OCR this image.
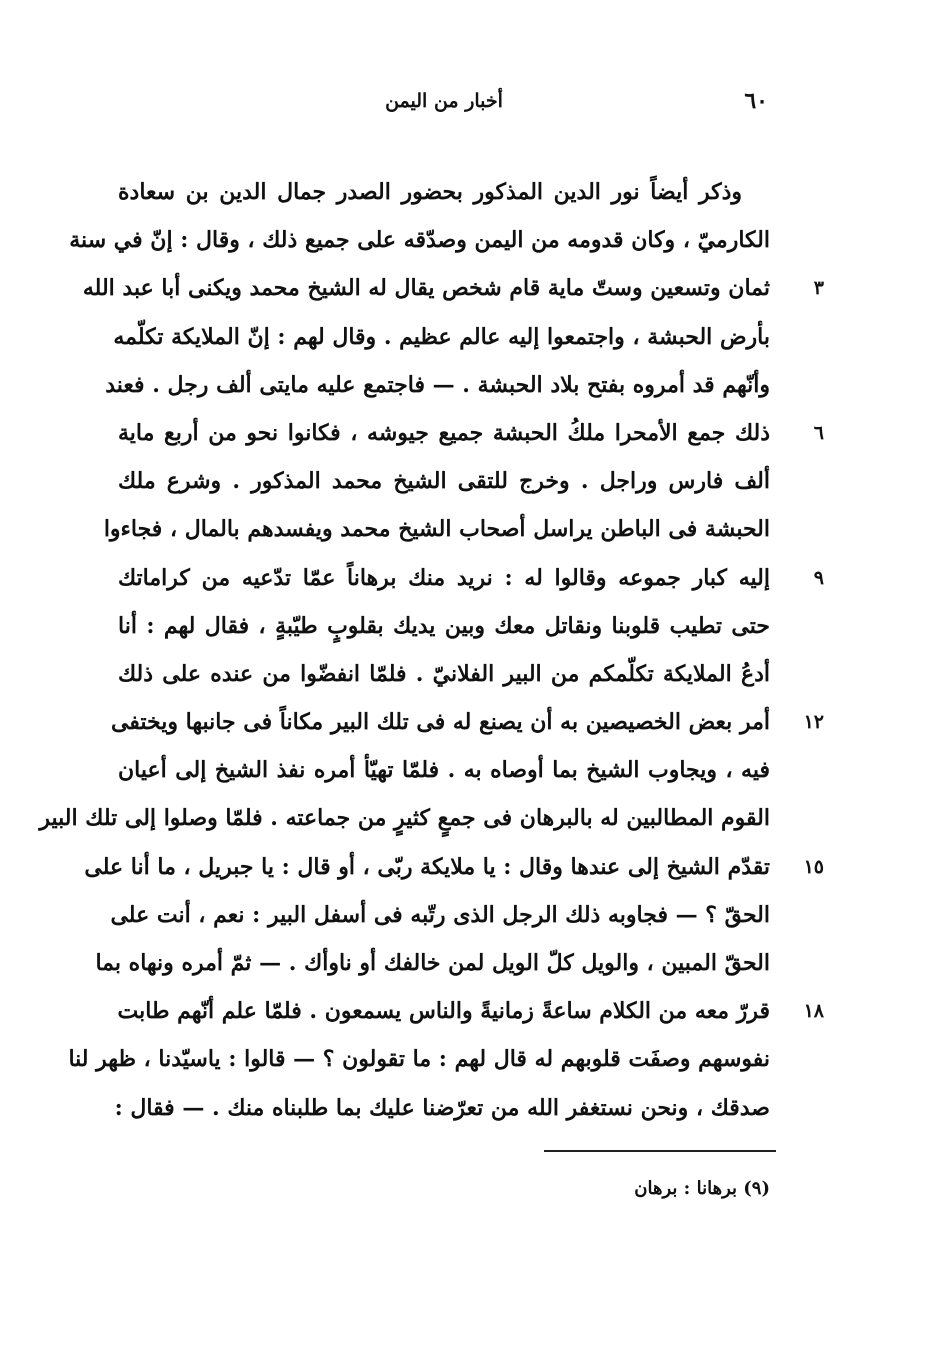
٦٠
أخبار من اليمن
وذكر أيضاً نور الدين المذكور بحضور الصدر جمال الدين بن سعادة
الكارميّ ، وكان قدومه من اليمن وصدّقه على جميع ذلك ، وقال : إنّ في سنة
ثمان وتسعين وستّ ماية قام شخص يقال له الشيخ محمد ويكنى أبا عبد الله	٣
بأرض الحبشة ، واجتمعوا إليه عالم عظيم . وقال لهم : إنّ الملايكة تكلّمه
وأنّهم قد أمروه بفتح بلاد الحبشة . — فاجتمع عليه مايتى ألف رجل . فعند
ذلك جمع الأمحرا ملكُ الحبشة جميع جيوشه ، فكانوا نحو من أربع ماية	٦
ألف فارس وراجل . وخرج للتقى الشيخ محمد المذكور . وشرع ملك
الحبشة فى الباطن يراسل أصحاب الشيخ محمد ويفسدهم بالمال ، فجاءوا
إليه كبار جموعه وقالوا له : نريد منك برهاناً عمّا تدّعيه من كراماتك	٩
حتى تطيب قلوبنا ونقاتل معك وبين يديك بقلوبٍ طيّبةٍ ، فقال لهم : أنا
أدعُ الملايكة تكلّمكم من البير الفلانيّ . فلمّا انفضّوا من عنده على ذلك
أمر بعض الخصيصين به أن يصنع له فى تلك البير مكاناً فى جانبها ويختفى	١٢
فيه ، ويجاوب الشيخ بما أوصاه به . فلمّا تهيّأ أمره نفذ الشيخ إلى أعيان
القوم المطالبين له بالبرهان فى جمعٍ كثيرٍ من جماعته . فلمّا وصلوا إلى تلك البير
تقدّم الشيخ إلى عندها وقال : يا ملايكة ربّى ، أو قال : يا جبريل ، ما أنا على	١٥
الحقّ ؟ — فجاوبه ذلك الرجل الذى رتّبه فى أسفل البير : نعم ، أنت على
الحقّ المبين ، والويل كلّ الويل لمن خالفك أو ناوأك . — ثمّ أمره ونهاه بما
قررّ معه من الكلام ساعةً زمانيةً والناس يسمعون . فلمّا علم أنّهم طابت	١٨
نفوسهم وصفَت قلوبهم له قال لهم : ما تقولون ؟ — قالوا : ياسيّدنا ، ظهر لنا
صدقك ، ونحن نستغفر الله من تعرّضنا عليك بما طلبناه منك . — فقال :
(٩) برهانا : برهان
